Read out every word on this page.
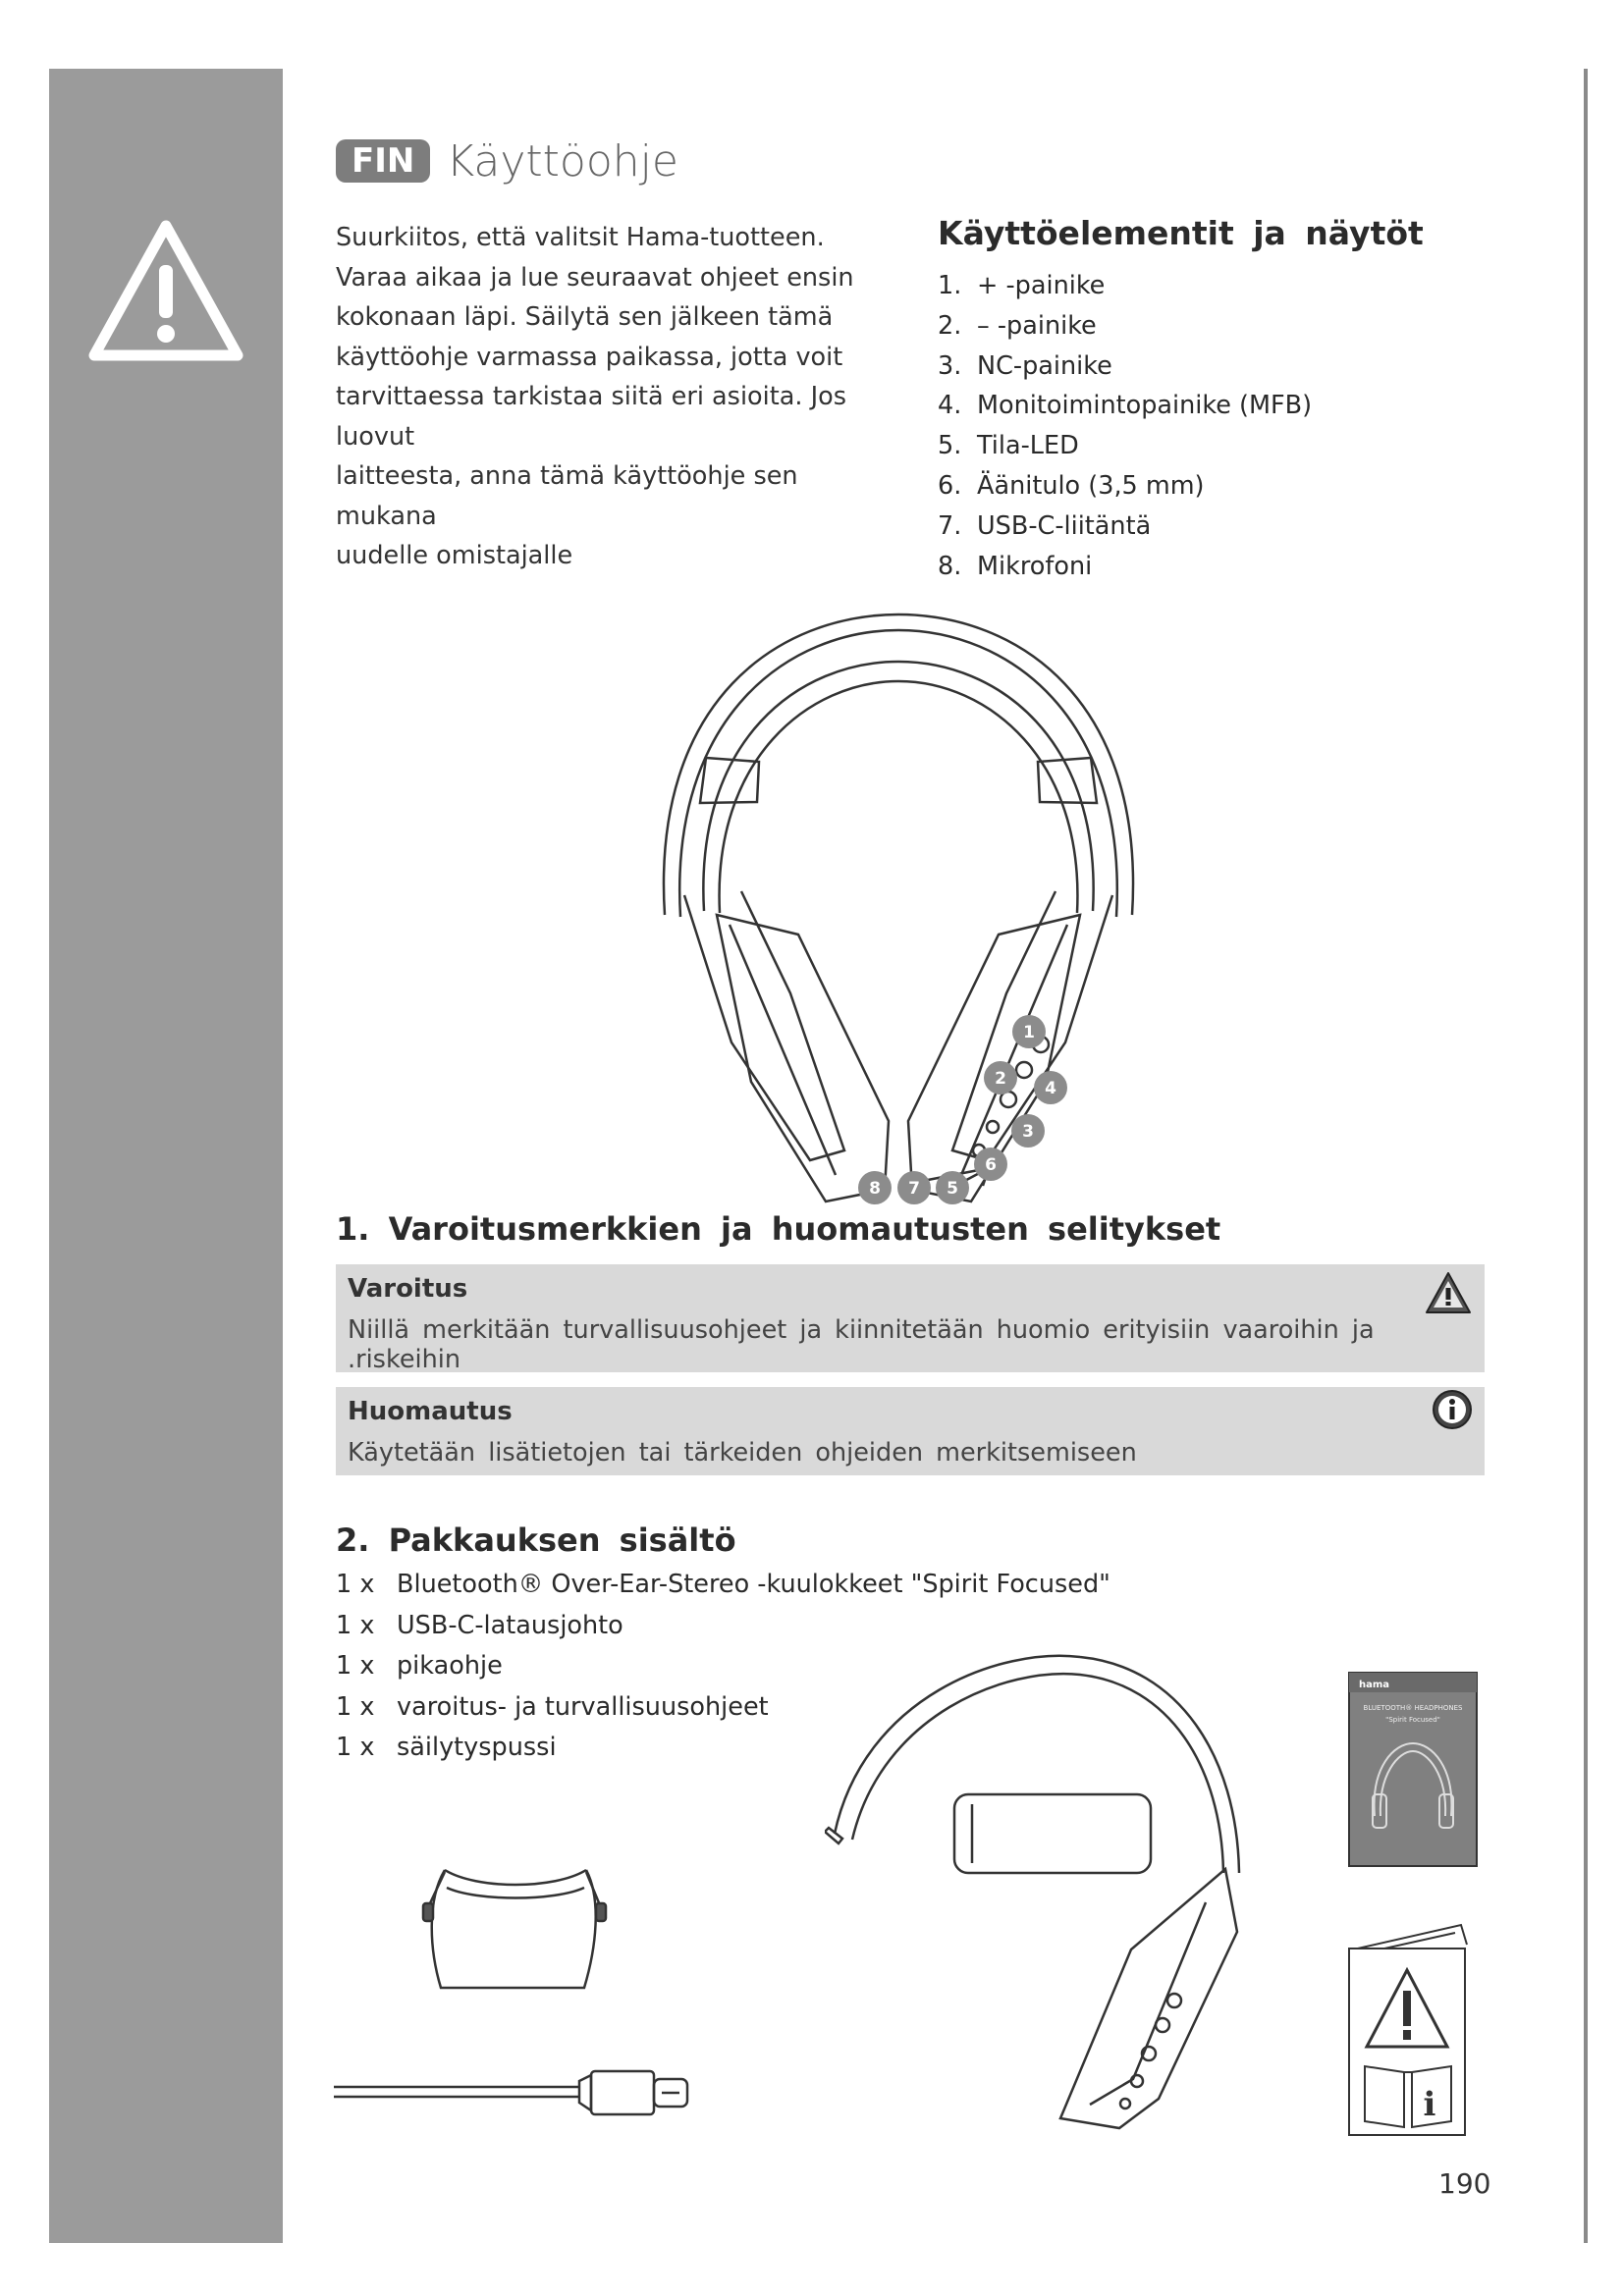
FIN Käyttöohje
Suurkiitos, että valitsit Hama-tuotteen.
Varaa aikaa ja lue seuraavat ohjeet ensin
kokonaan läpi. Säilytä sen jälkeen tämä
käyttöohje varmassa paikassa, jotta voit
tarvittaessa tarkistaa siitä eri asioita. Jos luovut
laitteesta, anna tämä käyttöohje sen mukana
uudelle omistajalle
Käyttöelementit ja näytöt
1. + -painike
2. – -painike
3. NC-painike
4. Monitoimintopainike (MFB)
5. Tila-LED
6. Äänitulo (3,5 mm)
7. USB-C-liitäntä
8. Mikrofoni
1
2 4
3
6
8 7 5
1. Varoitusmerkkien ja huomautusten selitykset
Varoitus
Niillä merkitään turvallisuusohjeet ja kiinnitetään huomio erityisiin vaaroihin ja .riskeihin
Huomautus
Käytetään lisätietojen tai tärkeiden ohjeiden merkitsemiseen
2. Pakkauksen sisältö
1 x Bluetooth® Over-Ear-Stereo -kuulokkeet "Spirit Focused"
1 x USB-C-latausjohto
1 x pikaohje
1 x varoitus- ja turvallisuusohjeet
1 x säilytyspussi
hama
BLUETOOTH® HEADPHONES
"Spirit Focused"
i
190
